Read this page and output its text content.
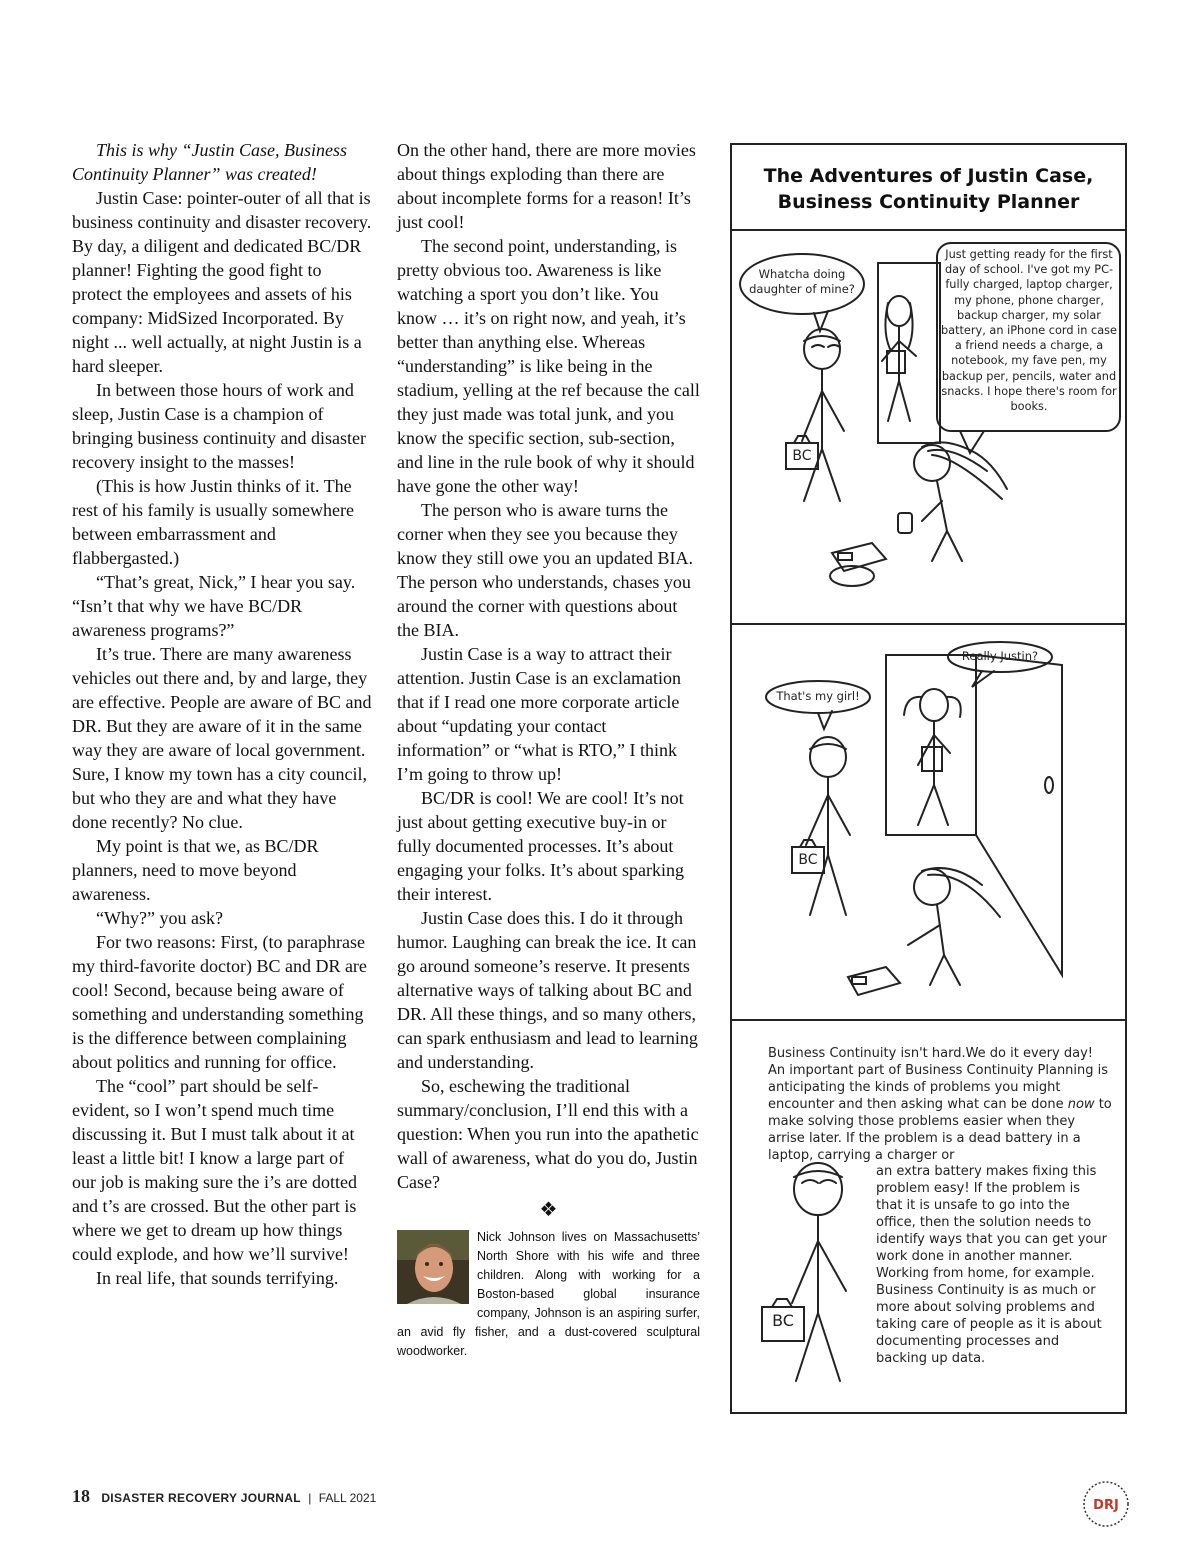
This is why “Justin Case, Business Continuity Planner” was created!

Justin Case: pointer-outer of all that is business continuity and disaster recovery. By day, a diligent and dedicated BC/DR planner! Fighting the good fight to protect the employees and assets of his company: MidSized Incorporated. By night ... well actually, at night Justin is a hard sleeper.

In between those hours of work and sleep, Justin Case is a champion of bringing business continuity and disaster recovery insight to the masses!

(This is how Justin thinks of it. The rest of his family is usually somewhere between embarrassment and flabbergasted.)

“That’s great, Nick,” I hear you say. “Isn’t that why we have BC/DR awareness programs?”

It’s true. There are many awareness vehicles out there and, by and large, they are effective. People are aware of BC and DR. But they are aware of it in the same way they are aware of local government. Sure, I know my town has a city council, but who they are and what they have done recently? No clue.

My point is that we, as BC/DR planners, need to move beyond awareness.

“Why?” you ask?

For two reasons: First, (to paraphrase my third-favorite doctor) BC and DR are cool! Second, because being aware of something and understanding something is the difference between complaining about politics and running for office.

The “cool” part should be self-evident, so I won’t spend much time discussing it. But I must talk about it at least a little bit! I know a large part of our job is making sure the i’s are dotted and t’s are crossed. But the other part is where we get to dream up how things could explode, and how we’ll survive!

In real life, that sounds terrifying.

On the other hand, there are more movies about things exploding than there are about incomplete forms for a reason! It’s just cool!

The second point, understanding, is pretty obvious too. Awareness is like watching a sport you don’t like. You know … it’s on right now, and yeah, it’s better than anything else. Whereas “understanding” is like being in the stadium, yelling at the ref because the call they just made was total junk, and you know the specific section, sub-section, and line in the rule book of why it should have gone the other way!

The person who is aware turns the corner when they see you because they know they still owe you an updated BIA. The person who understands, chases you around the corner with questions about the BIA.

Justin Case is a way to attract their attention. Justin Case is an exclamation that if I read one more corporate article about “updating your contact information” or “what is RTO,” I think I’m going to throw up!

BC/DR is cool! We are cool! It’s not just about getting executive buy-in or fully documented processes. It’s about engaging your folks. It’s about sparking their interest.

Justin Case does this. I do it through humor. Laughing can break the ice. It can go around someone’s reserve. It presents alternative ways of talking about BC and DR. All these things, and so many others, can spark enthusiasm and lead to learning and understanding.

So, eschewing the traditional summary/conclusion, I’ll end this with a question: When you run into the apathetic wall of awareness, what do you do, Justin Case?

❖
Nick Johnson lives on Massachusetts’ North Shore with his wife and three children. Along with working for a Boston-based global insurance company, Johnson is an aspiring surfer, an avid fly fisher, and a dust-covered sculptural woodworker.
The Adventures of Justin Case,
Business Continuity Planner
Whatcha doing daughter of mine?
Just getting ready for the first day of school. I've got my PC-fully charged, laptop charger, my phone, phone charger, backup charger, my solar battery, an iPhone cord in case a friend needs a charge, a notebook, my fave pen, my backup per, pencils, water and snacks. I hope there's room for books.
BC
That's my girl!
Really Justin?
BC
Business Continuity isn't hard.We do it every day! An important part of Business Continuity Planning is anticipating the kinds of problems you might encounter and then asking what can be done now to make solving those problems easier when they arrise later. If the problem is a dead battery in a laptop, carrying a charger or
an extra battery makes fixing this problem easy! If the problem is that it is unsafe to go into the office, then the solution needs to identify ways that you can get your work done in another manner. Working from home, for example. Business Continuity is as much or more about solving problems and taking care of people as it is about documenting processes and backing up data.
BC
18 DISASTER RECOVERY JOURNAL | FALL 2021	DRJ
